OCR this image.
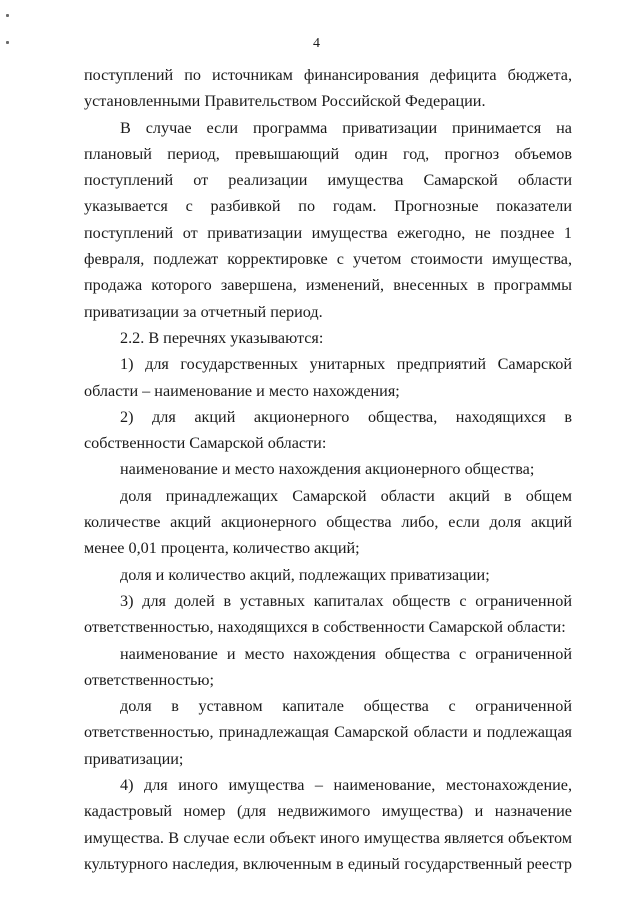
4

поступлений по источникам финансирования дефицита бюджета, установленными Правительством Российской Федерации.

В случае если программа приватизации принимается на плановый период, превышающий один год, прогноз объемов поступлений от реализации имущества Самарской области указывается с разбивкой по годам. Прогнозные показатели поступлений от приватизации имущества ежегодно, не позднее 1 февраля, подлежат корректировке с учетом стоимости имущества, продажа которого завершена, изменений, внесенных в программы приватизации за отчетный период.

2.2. В перечнях указываются:

1) для государственных унитарных предприятий Самарской области – наименование и место нахождения;

2) для акций акционерного общества, находящихся в собственности Самарской области:

наименование и место нахождения акционерного общества;

доля принадлежащих Самарской области акций в общем количестве акций акционерного общества либо, если доля акций менее 0,01 процента, количество акций;

доля и количество акций, подлежащих приватизации;

3) для долей в уставных капиталах обществ с ограниченной ответственностью, находящихся в собственности Самарской области:

наименование и место нахождения общества с ограниченной ответственностью;

доля в уставном капитале общества с ограниченной ответственностью, принадлежащая Самарской области и подлежащая приватизации;

4) для иного имущества – наименование, местонахождение, кадастровый номер (для недвижимого имущества) и назначение имущества. В случае если объект иного имущества является объектом культурного наследия, включенным в единый государственный реестр
